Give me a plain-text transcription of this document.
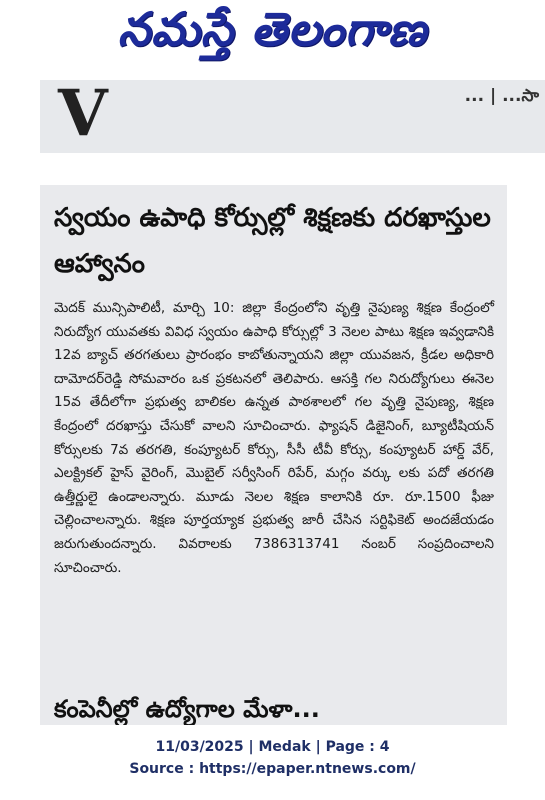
నమస్తే తెలంగాణ
V	... | ...సా
స్వయం ఉపాధి కోర్సుల్లో శిక్షణకు దరఖాస్తుల ఆహ్వానం
మెదక్ మున్సిపాలిటీ, మార్చి 10: జిల్లా కేంద్రంలోని వృత్తి నైపుణ్య శిక్షణ కేంద్రంలో నిరుద్యోగ యువతకు వివిధ స్వయం ఉపాధి కోర్సుల్లో 3 నెలల పాటు శిక్షణ ఇవ్వడానికి 12వ బ్యాచ్ తరగతులు ప్రారంభం కాబోతున్నాయని జిల్లా యువజన, క్రీడల అధికారి దామోదర్‌రెడ్డి సోమవారం ఒక ప్రకటనలో తెలిపారు. ఆసక్తి గల నిరుద్యోగులు ఈనెల 15వ తేదీలోగా ప్రభుత్వ బాలికల ఉన్నత పాఠశాలలో గల వృత్తి నైపుణ్య, శిక్షణ కేంద్రంలో దరఖాస్తు చేసుకో వాలని సూచించారు. ఫ్యాషన్ డిజైనింగ్, బ్యూటీషియన్ కోర్సులకు 7వ తరగతి, కంప్యూటర్ కోర్సు, సీసీ టీవీ కోర్సు, కంప్యూటర్ హార్డ్ వేర్, ఎలక్ట్రికల్ హైస్ వైరింగ్, మొబైల్ సర్వీసింగ్ రిపేర్, మగ్గం వర్కు లకు పదో తరగతి ఉత్తీర్ణులై ఉండాలన్నారు. మూడు నెలల శిక్షణ కాలానికి రూ. రూ.1500 ఫీజు చెల్లించాలన్నారు. శిక్షణ పూర్తయ్యాక ప్రభుత్వ జారీ చేసిన సర్టిఫికెట్ అందజేయడం జరుగుతుందన్నారు. వివరాలకు 7386313741 నంబర్ సంప్రదించాలని సూచించారు.
కంపెనీల్లో ఉద్యోగాల మేళా...
11/03/2025 | Medak | Page : 4
Source : https://epaper.ntnews.com/
